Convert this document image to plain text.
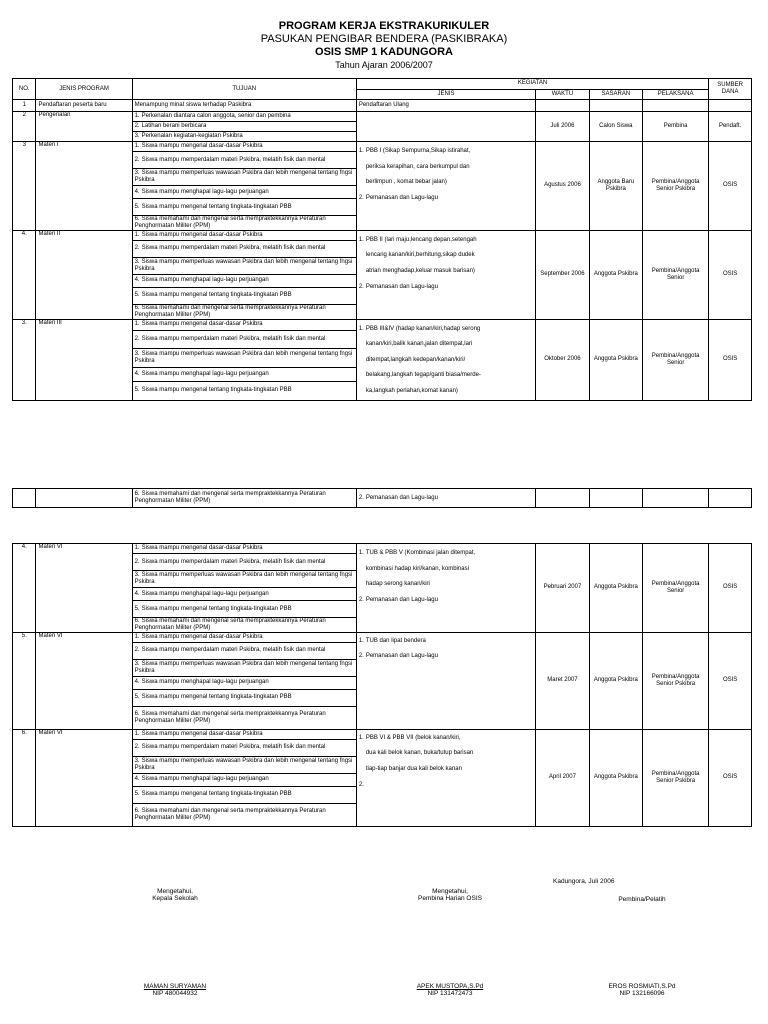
PROGRAM KERJA EKSTRAKURIKULER
PASUKAN PENGIBAR BENDERA (PASKIBRAKA)
OSIS SMP 1 KADUNGORA
Tahun Ajaran 2006/2007
NO.	JENIS PROGRAM	TUJUAN	KEGIATAN				SUMBER DANA
			JENIS	WAKTU	SASARAN	PELAKSANA	
1	Pendaftaran peserta baru	Menampung minat siswa terhadap Paskibra	Pendaftaran Ulang				
2	Pengenalan	1. Perkenalan diantara calon anggota, senior dan pembina		Juli 2006	Calon Siswa	Pembina	Pendaft.
		2. Latihan berani berbicara					
		3. Perkenalan kegiatan-kegiatan Pskibra					
3	Materi I	1. Siswa mampu mengenal dasar-dasar Pskibra	1. PBB I (Sikap Sempurna,Sikap istirahat,
periksa kerapihan, cara berkumpul dan
berlimpun , komat bebar jalan)
2. Pemanasan dan Lagu-lagu	Agustus 2006	Anggota Baru Pskibra	Pembina/Anggota Senior Pskibra	OSIS
		2. Siswa mampu memperdalam materi Pskibra, melatih fisik dan mental					
		3. Siswa mampu memperluas wawasan Pskibra dan lebih mengenal tentang fngsi Pskibra					
		4. Siswa mampu menghapal lagu-lagu perjuangan					
		5. Siswa mampu mengenal tentang tingkata-tingkatan PBB					
		6. Siswa memahami dan mengenal serta mempraktekkannya Peraturan Penghormatan Militer (PPM)					
4.	Materi II	1. Siswa mampu mengenal dasar-dasar Pskibra	1. PBB II (lari maju,lencang depan,setengah
lencang kanan/kiri,berhitung,sikap dudek
atrian menghadap,keluar masuk barisan)
2. Pemanasan dan Lagu-lagu	September 2006	Anggota Pskibra	Pembina/Anggota Senior	OSIS
		2. Siswa mampu memperdalam materi Pskibra, melatih fisik dan mental					
		3. Siswa mampu memperluas wawasan Pskibra dan lebih mengenal tentang fngsi Pskibra					
		4. Siswa mampu menghapal lagu-lagu perjuangan					
		5. Siswa mampu mengenal tentang tingkata-tingkatan PBB					
		6. Siswa memahami dan mengenal serta mempraktekkannya Peraturan Penghormatan Militer (PPM)					
3.	Materi III	1. Siswa mampu mengenal dasar-dasar Pskibra	1. PBB III&IV (hadap kanan/kiri,hadap serong
kanan/kiri,balik kanan,jalan ditempat,lari
ditempat,langkah kedepan/kanan/kiri/
belakang,langkah tegap/ganti biasa/merde-
ka,langkah perlahan,komat kanan)	Oktober 2006	Anggota Pskibra	Pembina/Anggota Senior	OSIS
		2. Siswa mampu memperdalam materi Pskibra, melatih fisik dan mental					
		3. Siswa mampu memperluas wawasan Pskibra dan lebih mengenal tentang fngsi Pskibra					
		4. Siswa mampu menghapal lagu-lagu perjuangan					
		5. Siswa mampu mengenal tentang tingkata-tingkatan PBB					
		6. Siswa memahami dan mengenal serta mempraktekkannya Peraturan Penghormatan Militer (PPM)	2. Pemanasan dan Lagu-lagu				
4.	Materi VI	1. Siswa mampu mengenal dasar-dasar Pskibra	1. TUB & PBB V (Kombinasi jalan ditempat,
kombinasi hadap kiri/kanan, kombinasi
hadap serong kanan/kiri
2. Pemanasan dan Lagu-lagu	Pebruari 2007	Anggota Pskibra	Pembina/Anggota Senior	OSIS
		2. Siswa mampu memperdalam materi Pskibra, melatih fisik dan mental					
		3. Siswa mampu memperluas wawasan Pskibra dan lebih mengenal tentang fngsi Pskibra					
		4. Siswa mampu menghapal lagu-lagu perjuangan					
		5. Siswa mampu mengenal tentang tingkata-tingkatan PBB					
		6. Siswa memahami dan mengenal serta mempraktekkannya Peraturan Penghormatan Militer (PPM)					
5.	Materi VI	1. Siswa mampu mengenal dasar-dasar Pskibra	1. TUB dan lipat bendera
2. Pemanasan dan Lagu-lagu	Maret 2007	Anggota Pskibra	Pembina/Anggota Senior Pskibra	OSIS
		2. Siswa mampu memperdalam materi Pskibra, melatih fisik dan mental					
		3. Siswa mampu memperluas wawasan Pskibra dan lebih mengenal tentang fngsi Pskibra					
		4. Siswa mampu menghapal lagu-lagu perjuangan					
		5. Siswa mampu mengenal tentang tingkata-tingkatan PBB					
		6. Siswa memahami dan mengenal serta mempraktekkannya Peraturan Penghormatan Militer (PPM)					
6.	Materi VI	1. Siswa mampu mengenal dasar-dasar Pskibra	1. PBB VI & PBB VII (belok kanan/kiri,
dua kali belok kanan, buka/tutup barisan
tiap-tiap banjar dua kali belok kanan
2.	April 2007	Anggota Pskibra	Pembina/Anggota Senior Pskibra	OSIS
		2. Siswa mampu memperdalam materi Pskibra, melatih fisik dan mental					
		3. Siswa mampu memperluas wawasan Pskibra dan lebih mengenal tentang fngsi Pskibra					
		4. Siswa mampu menghapal lagu-lagu perjuangan					
		5. Siswa mampu mengenal tentang tingkata-tingkatan PBB					
		6. Siswa memahami dan mengenal serta mempraktekkannya Peraturan Penghormatan Militer (PPM)					
Kadungora, Juli 2006
Mengetahui,
Kepala Sekolah
Mengetahui,
Pembina Harian OSIS	Pembina/Pelatih
MAMAN SURYAMAN
NIP 480044932
APEK MUSTOPA,S.Pd
NIP 131472473
EROS ROSMIATI,S.Pd
NIP 132166096
